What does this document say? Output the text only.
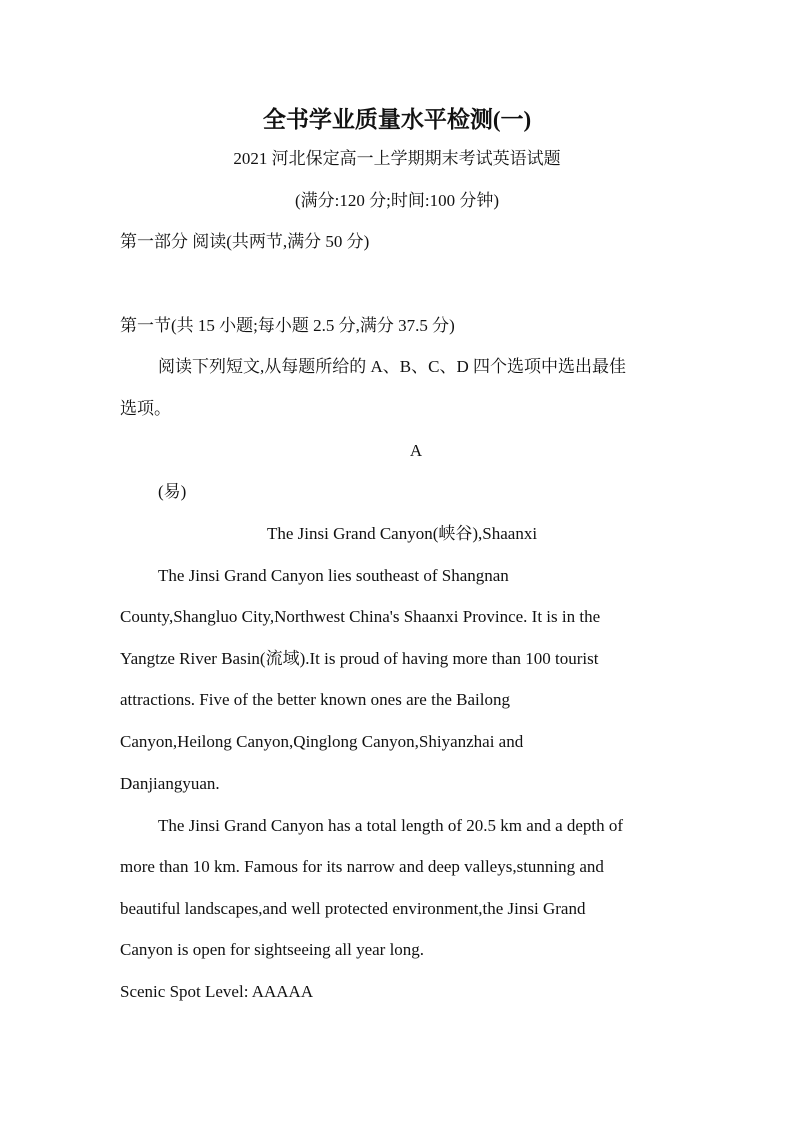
全书学业质量水平检测(一)
2021 河北保定高一上学期期末考试英语试题
(满分:120 分;时间:100 分钟)
第一部分 阅读(共两节,满分 50 分)
第一节(共 15 小题;每小题 2.5 分,满分 37.5 分)
阅读下列短文,从每题所给的 A、B、C、D 四个选项中选出最佳
选项。
A
(易)
The Jinsi Grand Canyon(峡谷),Shaanxi
The Jinsi Grand Canyon lies southeast of Shangnan
County,Shangluo City,Northwest China's Shaanxi Province. It is in the
Yangtze River Basin(流域).It is proud of having more than 100 tourist
attractions. Five of the better known ones are the Bailong
Canyon,Heilong Canyon,Qinglong Canyon,Shiyanzhai and
Danjiangyuan.
The Jinsi Grand Canyon has a total length of 20.5 km and a depth of
more than 10 km. Famous for its narrow and deep valleys,stunning and
beautiful landscapes,and well protected environment,the Jinsi Grand
Canyon is open for sightseeing all year long.
Scenic Spot Level: AAAAA
